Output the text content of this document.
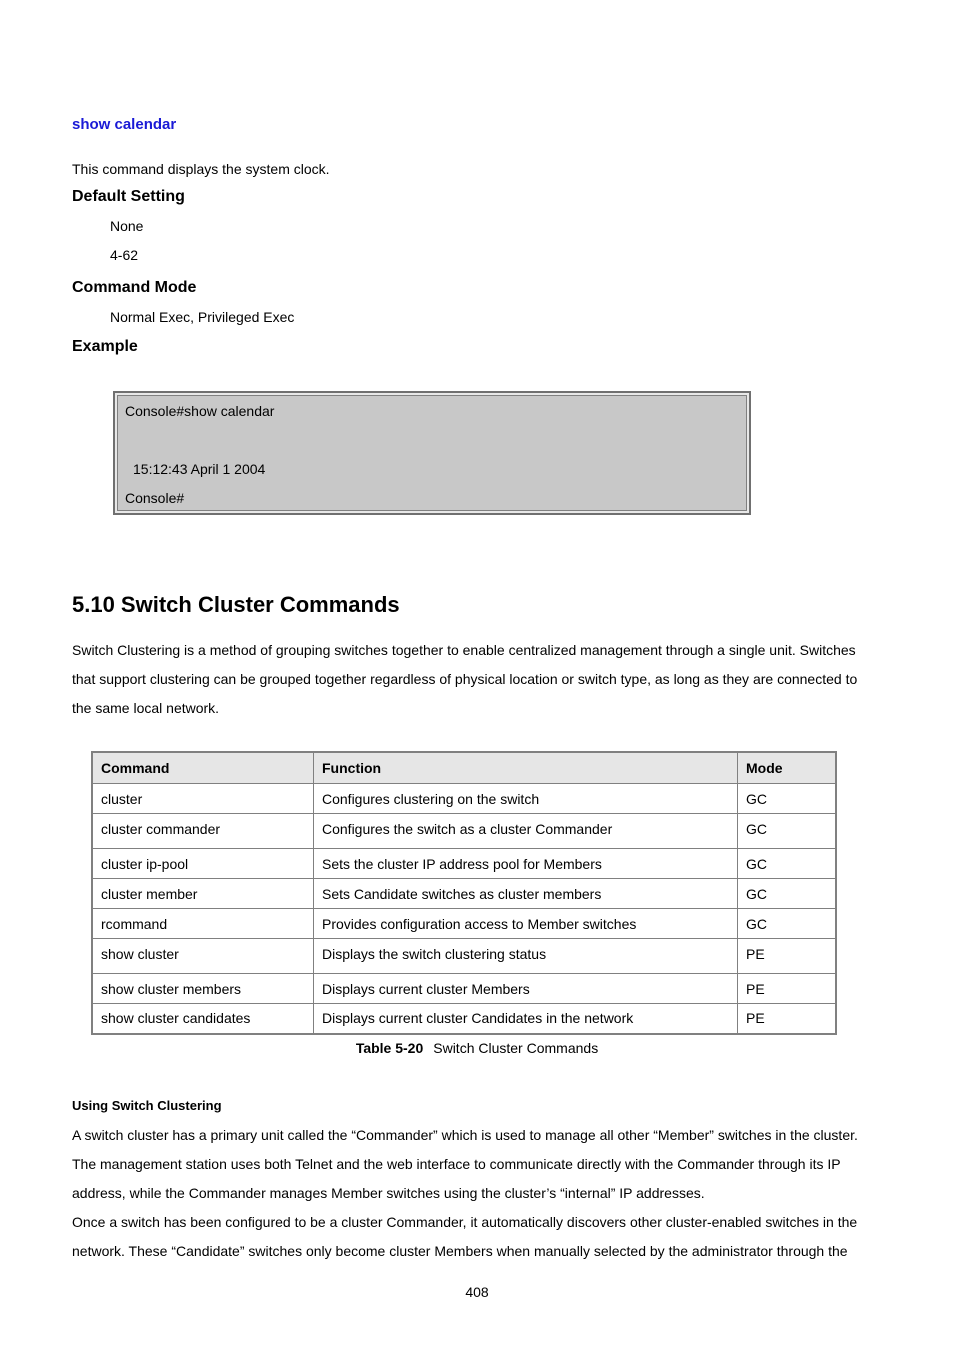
show calendar
This command displays the system clock.
Default Setting
None
4-62
Command Mode
Normal Exec, Privileged Exec
Example
Console#show calendar
15:12:43 April 1 2004
Console#
5.10 Switch Cluster Commands
Switch Clustering is a method of grouping switches together to enable centralized management through a single unit. Switches
that support clustering can be grouped together regardless of physical location or switch type, as long as they are connected to
the same local network.
Command	Function	Mode
cluster	Configures clustering on the switch	GC
cluster commander	Configures the switch as a cluster Commander	GC
cluster ip-pool	Sets the cluster IP address pool for Members	GC
cluster member	Sets Candidate switches as cluster members	GC
rcommand	Provides configuration access to Member switches	GC
show cluster	Displays the switch clustering status	PE
show cluster members	Displays current cluster Members	PE
show cluster candidates	Displays current cluster Candidates in the network	PE
Table 5-20 Switch Cluster Commands
Using Switch Clustering
A switch cluster has a primary unit called the “Commander” which is used to manage all other “Member” switches in the cluster.
The management station uses both Telnet and the web interface to communicate directly with the Commander through its IP
address, while the Commander manages Member switches using the cluster’s “internal” IP addresses.
Once a switch has been configured to be a cluster Commander, it automatically discovers other cluster-enabled switches in the
network. These “Candidate” switches only become cluster Members when manually selected by the administrator through the
408
